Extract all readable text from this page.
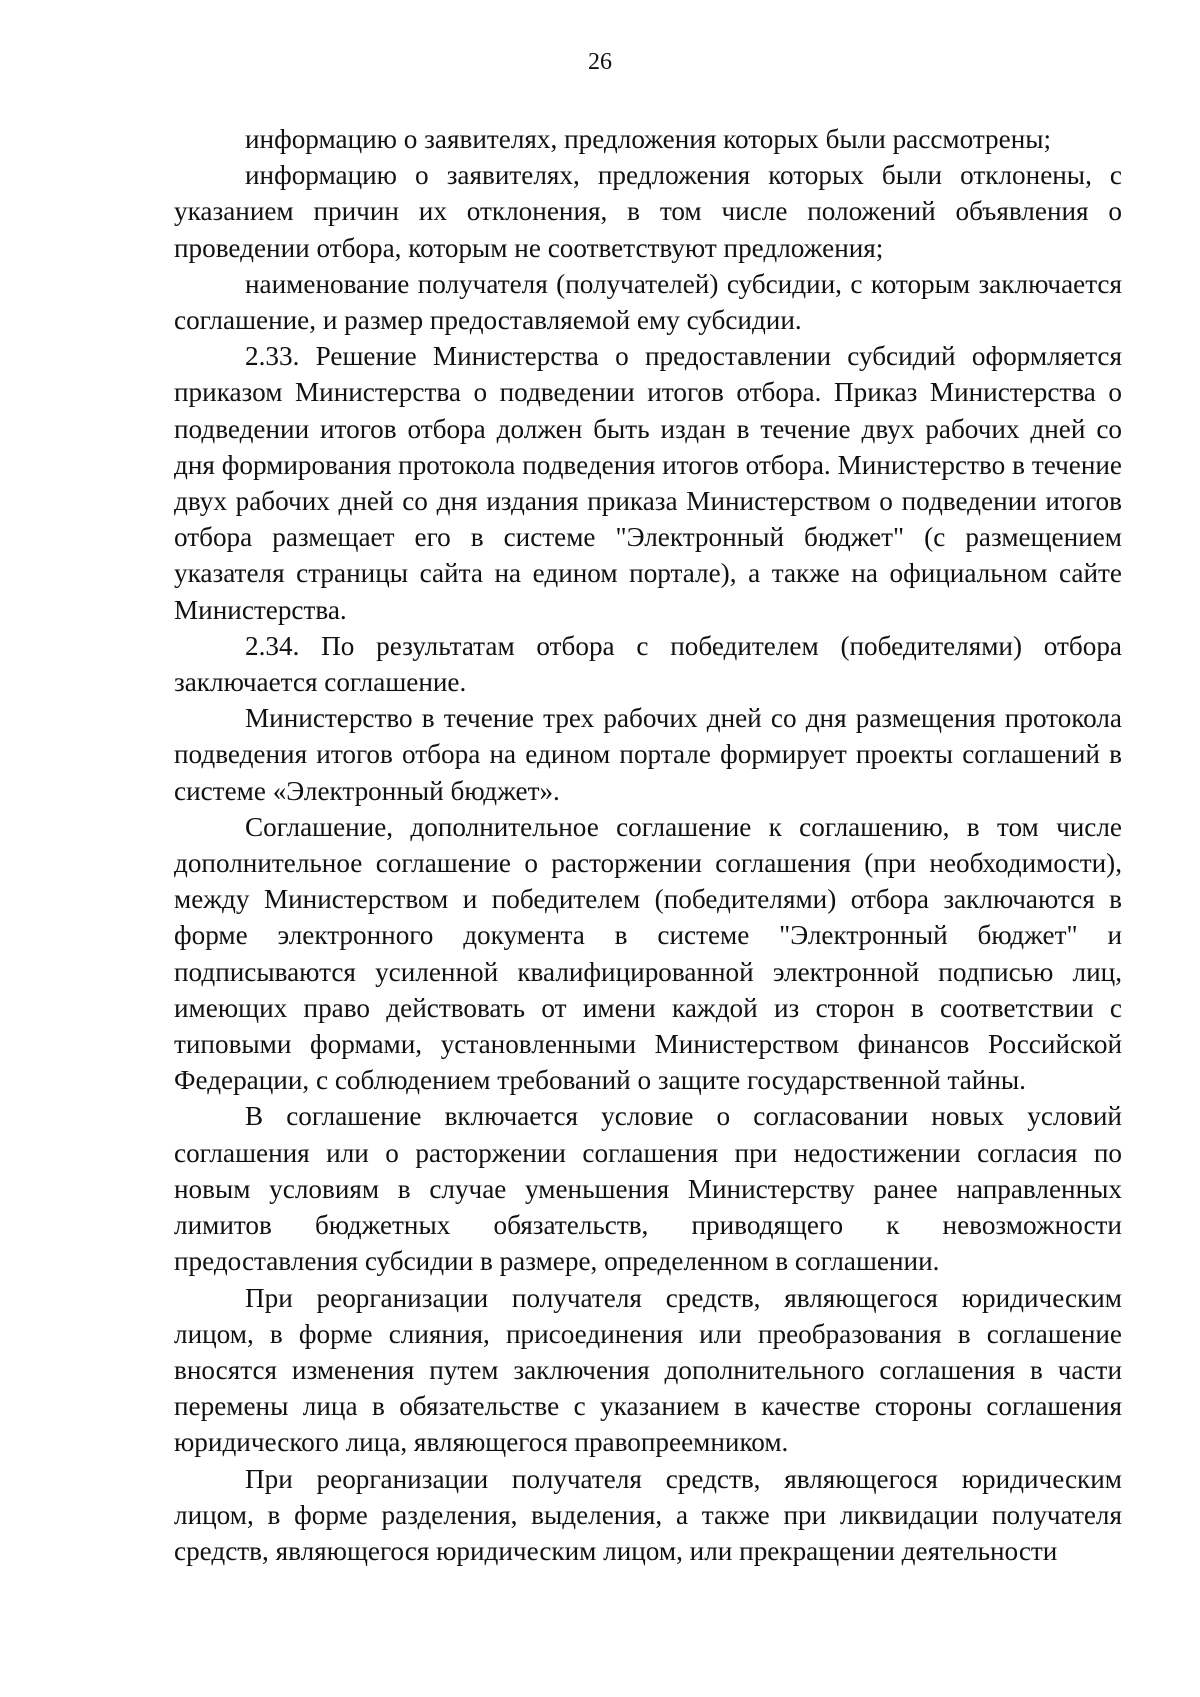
26

информацию о заявителях, предложения которых были рассмотрены;

информацию о заявителях, предложения которых были отклонены, с указанием причин их отклонения, в том числе положений объявления о проведении отбора, которым не соответствуют предложения;

наименование получателя (получателей) субсидии, с которым заключается соглашение, и размер предоставляемой ему субсидии.

2.33. Решение Министерства о предоставлении субсидий оформляется приказом Министерства о подведении итогов отбора. Приказ Министерства о подведении итогов отбора должен быть издан в течение двух рабочих дней со дня формирования протокола подведения итогов отбора. Министерство в течение двух рабочих дней со дня издания приказа Министерством о подведении итогов отбора размещает его в системе "Электронный бюджет" (с размещением указателя страницы сайта на едином портале), а также на официальном сайте Министерства.

2.34. По результатам отбора с победителем (победителями) отбора заключается соглашение.

Министерство в течение трех рабочих дней со дня размещения протокола подведения итогов отбора на едином портале формирует проекты соглашений в системе «Электронный бюджет».

Соглашение, дополнительное соглашение к соглашению, в том числе дополнительное соглашение о расторжении соглашения (при необходимости), между Министерством и победителем (победителями) отбора заключаются в форме электронного документа в системе "Электронный бюджет" и подписываются усиленной квалифицированной электронной подписью лиц, имеющих право действовать от имени каждой из сторон в соответствии с типовыми формами, установленными Министерством финансов Российской Федерации, с соблюдением требований о защите государственной тайны.

В соглашение включается условие о согласовании новых условий соглашения или о расторжении соглашения при недостижении согласия по новым условиям в случае уменьшения Министерству ранее направленных лимитов бюджетных обязательств, приводящего к невозможности предоставления субсидии в размере, определенном в соглашении.

При реорганизации получателя средств, являющегося юридическим лицом, в форме слияния, присоединения или преобразования в соглашение вносятся изменения путем заключения дополнительного соглашения в части перемены лица в обязательстве с указанием в качестве стороны соглашения юридического лица, являющегося правопреемником.

При реорганизации получателя средств, являющегося юридическим лицом, в форме разделения, выделения, а также при ликвидации получателя средств, являющегося юридическим лицом, или прекращении деятельности
